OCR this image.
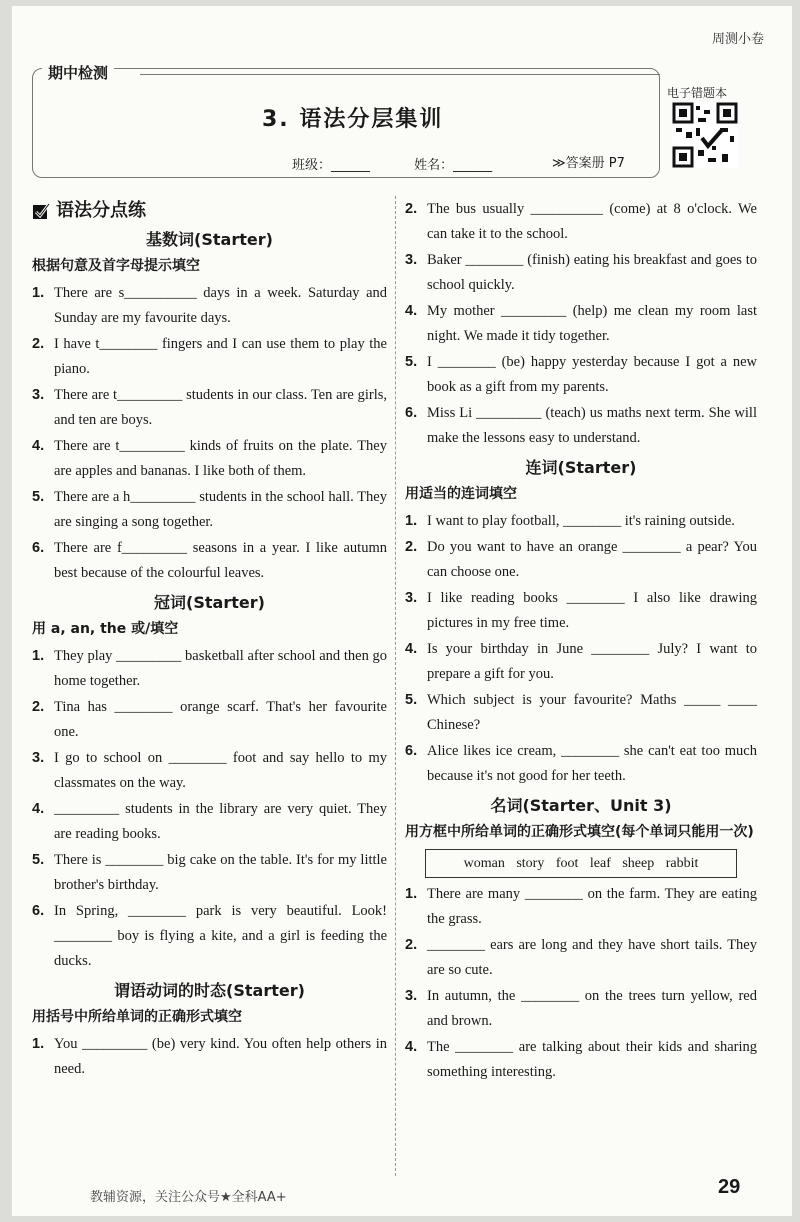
周测小卷
期中检测
3. 语法分层集训
班级：______	姓名：______	≫答案册 P7
电子错题本
语法分点练
基数词(Starter)
根据句意及首字母提示填空
1. There are s__________ days in a week. Saturday and Sunday are my favourite days.
2. I have t________ fingers and I can use them to play the piano.
3. There are t_________ students in our class. Ten are girls, and ten are boys.
4. There are t_________ kinds of fruits on the plate. They are apples and bananas. I like both of them.
5. There are a h_________ students in the school hall. They are singing a song together.
6. There are f_________ seasons in a year. I like autumn best because of the colourful leaves.
冠词(Starter)
用 a, an, the 或/填空
1. They play _________ basketball after school and then go home together.
2. Tina has ________ orange scarf. That's her favourite one.
3. I go to school on ________ foot and say hello to my classmates on the way.
4. _________ students in the library are very quiet. They are reading books.
5. There is ________ big cake on the table. It's for my little brother's birthday.
6. In Spring, ________ park is very beautiful. Look! ________ boy is flying a kite, and a girl is feeding the ducks.
谓语动词的时态(Starter)
用括号中所给单词的正确形式填空
1. You _________ (be) very kind. You often help others in need.
2. The bus usually __________ (come) at 8 o'clock. We can take it to the school.
3. Baker ________ (finish) eating his breakfast and goes to school quickly.
4. My mother _________ (help) me clean my room last night. We made it tidy together.
5. I ________ (be) happy yesterday because I got a new book as a gift from my parents.
6. Miss Li _________ (teach) us maths next term. She will make the lessons easy to understand.
连词(Starter)
用适当的连词填空
1. I want to play football, ________ it's raining outside.
2. Do you want to have an orange ________ a pear? You can choose one.
3. I like reading books ________ I also like drawing pictures in my free time.
4. Is your birthday in June ________ July? I want to prepare a gift for you.
5. Which subject is your favourite? Maths _____ ____ Chinese?
6. Alice likes ice cream, ________ she can't eat too much because it's not good for her teeth.
名词(Starter、Unit 3)
用方框中所给单词的正确形式填空(每个单词只能用一次)
woman story foot leaf sheep rabbit
1. There are many ________ on the farm. They are eating the grass.
2. ________ ears are long and they have short tails. They are so cute.
3. In autumn, the ________ on the trees turn yellow, red and brown.
4. The ________ are talking about their kids and sharing something interesting.
教辅资源，关注公众号★全科AA+	29
